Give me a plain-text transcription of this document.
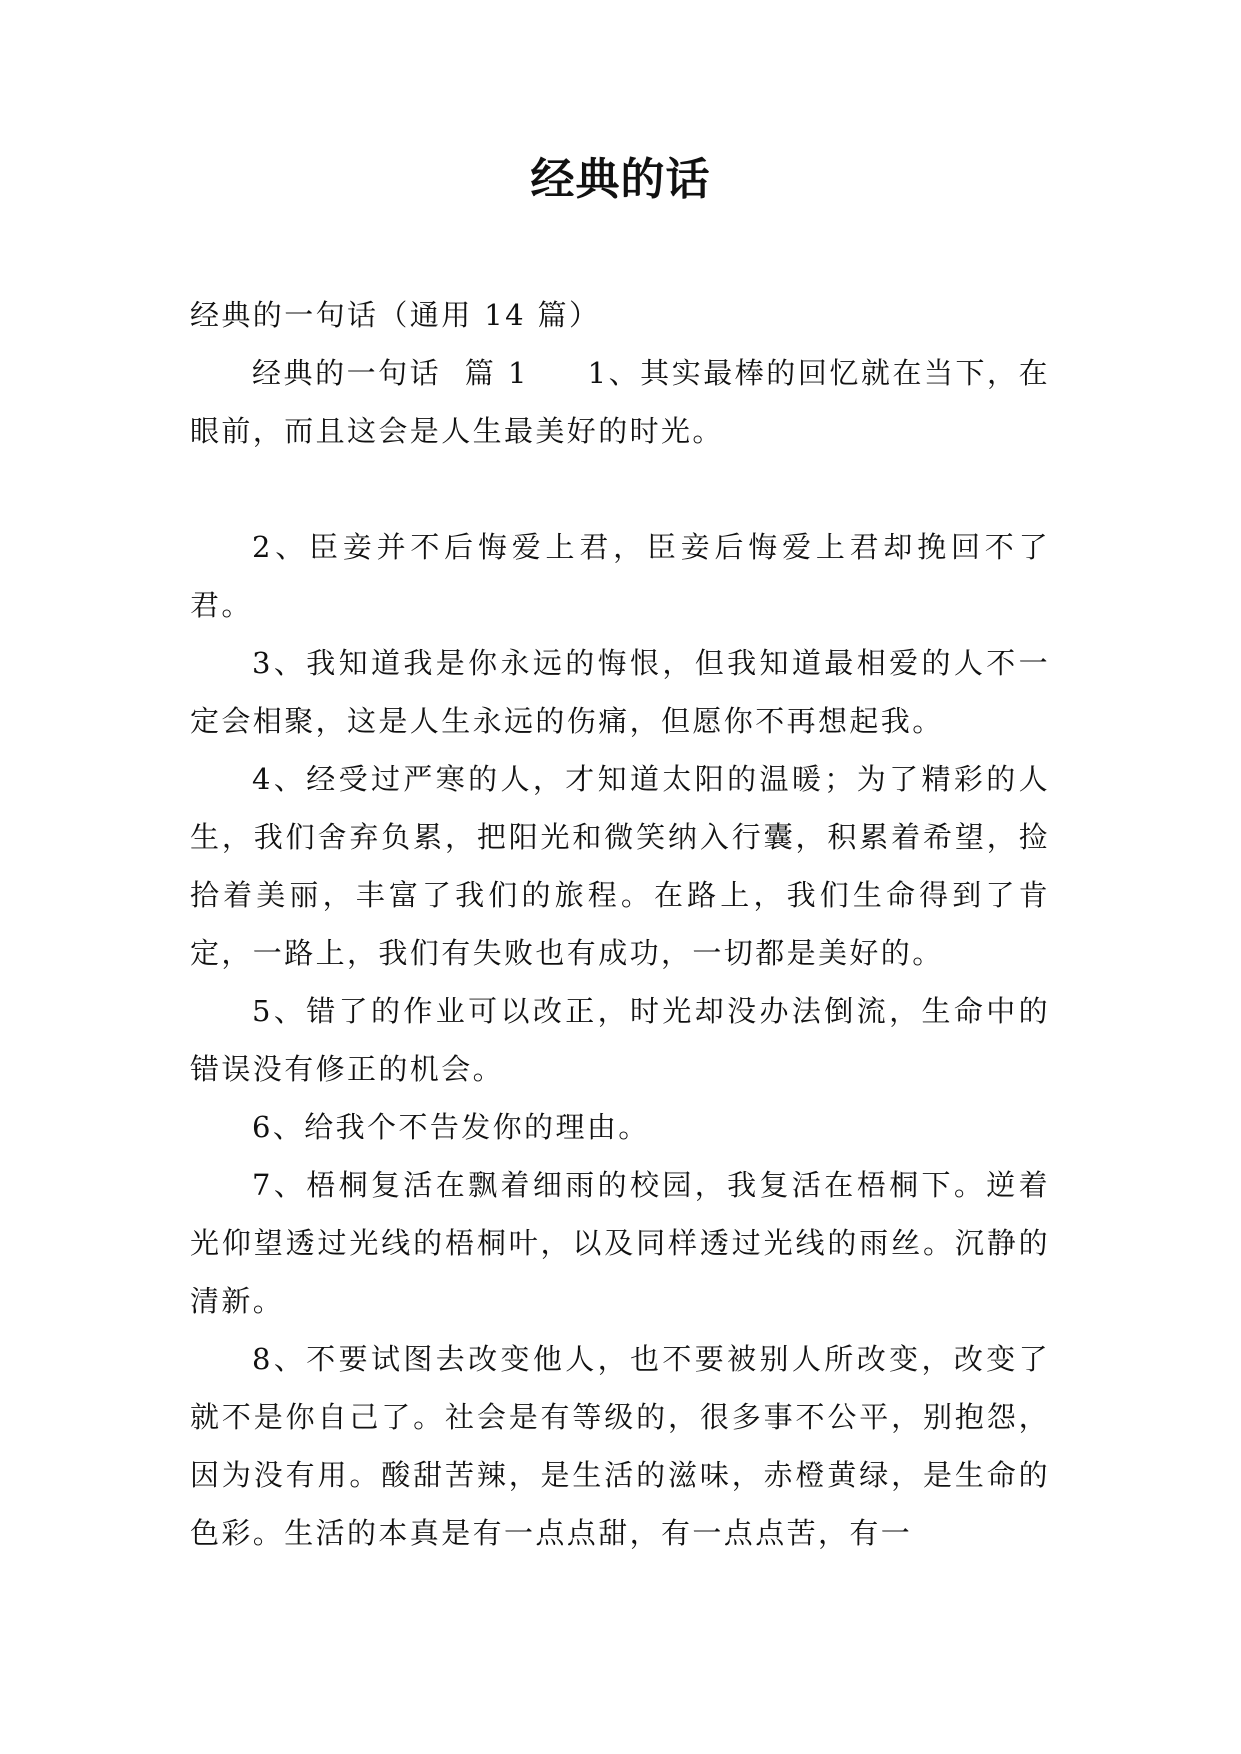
经典的话

经典的一句话（通用 14 篇）

经典的一句话  篇 1     1、其实最棒的回忆就在当下，在眼前，而且这会是人生最美好的时光。

2、臣妾并不后悔爱上君，臣妾后悔爱上君却挽回不了君。

3、我知道我是你永远的悔恨，但我知道最相爱的人不一定会相聚，这是人生永远的伤痛，但愿你不再想起我。

4、经受过严寒的人，才知道太阳的温暖；为了精彩的人生，我们舍弃负累，把阳光和微笑纳入行囊，积累着希望，捡拾着美丽，丰富了我们的旅程。在路上，我们生命得到了肯定，一路上，我们有失败也有成功，一切都是美好的。

5、错了的作业可以改正，时光却没办法倒流，生命中的错误没有修正的机会。

6、给我个不告发你的理由。

7、梧桐复活在飘着细雨的校园，我复活在梧桐下。逆着光仰望透过光线的梧桐叶，以及同样透过光线的雨丝。沉静的清新。

8、不要试图去改变他人，也不要被别人所改变，改变了就不是你自己了。社会是有等级的，很多事不公平，别抱怨，因为没有用。酸甜苦辣，是生活的滋味，赤橙黄绿，是生命的色彩。生活的本真是有一点点甜，有一点点苦，有一
